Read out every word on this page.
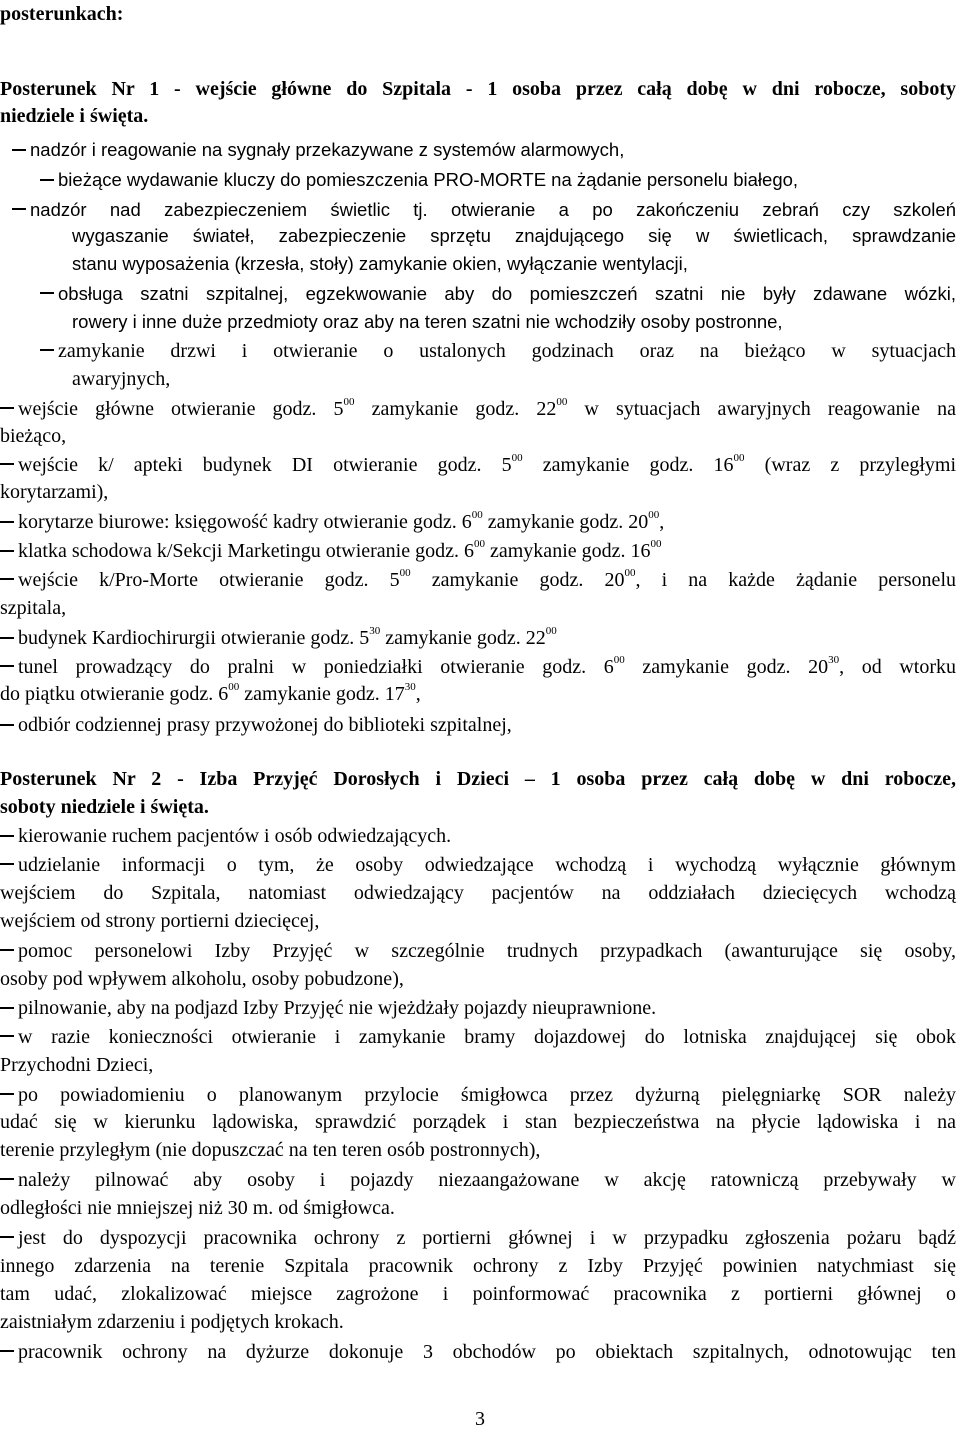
posterunkach:
Posterunek Nr 1 - wejście główne do Szpitala - 1 osoba przez całą dobę w dni robocze, soboty
niedziele i święta.
nadzór i reagowanie na sygnały przekazywane z systemów alarmowych,
bieżące wydawanie kluczy do pomieszczenia PRO-MORTE na żądanie personelu białego,
nadzór nad zabezpieczeniem świetlic tj. otwieranie a po zakończeniu zebrań czy szkoleń
wygaszanie świateł, zabezpieczenie sprzętu znajdującego się w świetlicach, sprawdzanie
stanu wyposażenia (krzesła, stoły) zamykanie okien, wyłączanie wentylacji,
obsługa szatni szpitalnej, egzekwowanie aby do pomieszczeń szatni nie były zdawane wózki,
rowery i inne duże przedmioty oraz aby na teren szatni nie wchodziły osoby postronne,
zamykanie drzwi i otwieranie o ustalonych godzinach oraz na bieżąco w sytuacjach
awaryjnych,
wejście główne otwieranie godz. $5^{00}$ zamykanie godz. $22^{00}$ w sytuacjach awaryjnych reagowanie na
bieżąco,
wejście k/ apteki budynek DI otwieranie godz. $5^{00}$ zamykanie godz. $16^{00}$ (wraz z przyległymi
korytarzami),
korytarze biurowe: księgowość kadry otwieranie godz. $6^{00}$ zamykanie godz. $20^{00}$,
klatka schodowa k/Sekcji Marketingu otwieranie godz. $6^{00}$ zamykanie godz. $16^{00}$
wejście k/Pro-Morte otwieranie godz. $5^{00}$ zamykanie godz. $20^{00}$, i na każde żądanie personelu
szpitala,
budynek Kardiochirurgii otwieranie godz. $5^{30}$ zamykanie godz. $22^{00}$
tunel prowadzący do pralni w poniedziałki otwieranie godz. $6^{00}$ zamykanie godz. $20^{30}$, od wtorku
do piątku otwieranie godz. $6^{00}$ zamykanie godz. $17^{30}$,
odbiór codziennej prasy przywożonej do biblioteki szpitalnej,
Posterunek Nr 2 - Izba Przyjęć Dorosłych i Dzieci – 1 osoba przez całą dobę w dni robocze,
soboty niedziele i święta.
kierowanie ruchem pacjentów i osób odwiedzających.
udzielanie informacji o tym, że osoby odwiedzające wchodzą i wychodzą wyłącznie głównym
wejściem do Szpitala, natomiast odwiedzający pacjentów na oddziałach dziecięcych wchodzą
wejściem od strony portierni dziecięcej,
pomoc personelowi Izby Przyjęć w szczególnie trudnych przypadkach (awanturujące się osoby,
osoby pod wpływem alkoholu, osoby pobudzone),
pilnowanie, aby na podjazd Izby Przyjęć nie wjeżdżały pojazdy nieuprawnione.
w razie konieczności otwieranie i zamykanie bramy dojazdowej do lotniska znajdującej się obok
Przychodni Dzieci,
po powiadomieniu o planowanym przylocie śmigłowca przez dyżurną pielęgniarkę SOR należy
udać się w kierunku lądowiska, sprawdzić porządek i stan bezpieczeństwa na płycie lądowiska i na
terenie przyległym (nie dopuszczać na ten teren osób postronnych),
należy pilnować aby osoby i pojazdy niezaangażowane w akcję ratowniczą przebywały w
odległości nie mniejszej niż 30 m. od śmigłowca.
jest do dyspozycji pracownika ochrony z portierni głównej i w przypadku zgłoszenia pożaru bądź
innego zdarzenia na terenie Szpitala pracownik ochrony z Izby Przyjęć powinien natychmiast się
tam udać, zlokalizować miejsce zagrożone i poinformować pracownika z portierni głównej o
zaistniałym zdarzeniu i podjętych krokach.
pracownik ochrony na dyżurze dokonuje 3 obchodów po obiektach szpitalnych, odnotowując ten
3
